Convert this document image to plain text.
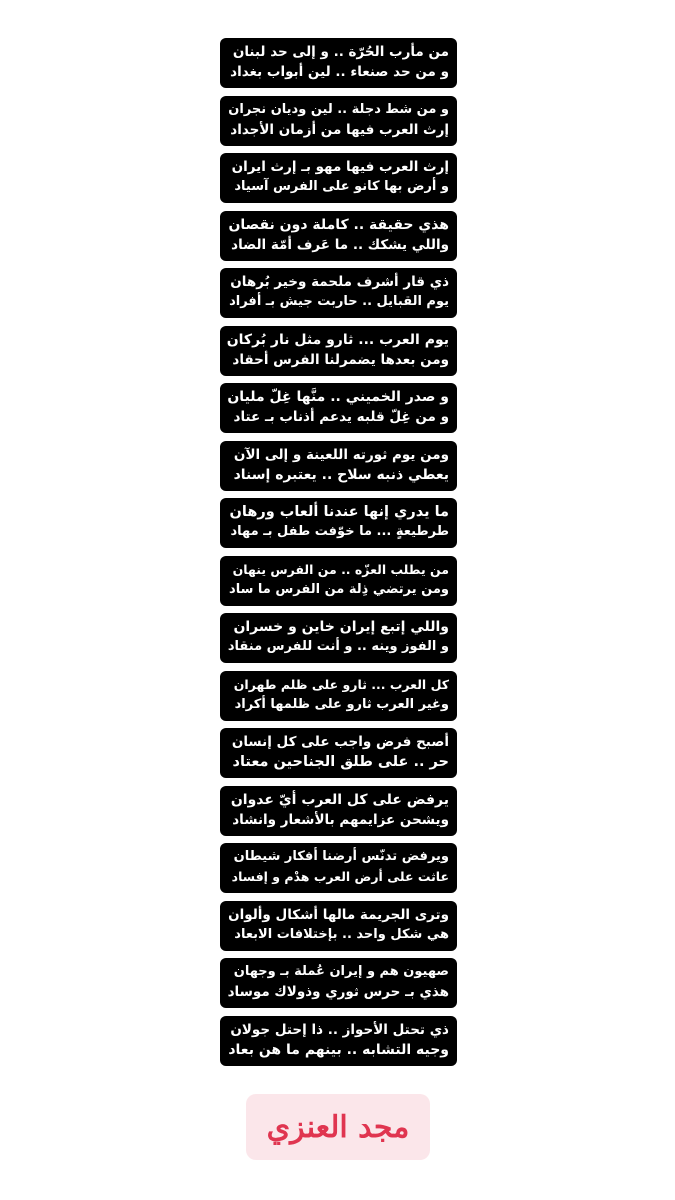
من مأرب الحُرّة .. و إلى حد لبنان
و من حد صنعاء .. لين أبواب بغداد
و من شط دجلة .. لين وديان نجران
إرث العرب فيها من أزمان الأجداد
إرث العرب فيها مهو بـ إرث ايران
و أرض بها كانو على الفرس آسياد
هذي حقيقة .. كاملة دون نقصان
واللي يشكك .. ما عَرف أمّة الضاد
ذي قار أشرف ملحمة وخير بُرهان
يوم القبايل .. حاربت جيش بـ أفراد
يوم العرب ... ثارو مثل نار بُركان
ومن بعدها يضمرلنا الفرس أحقاد
و صدر الخميني .. منَّها غِلّ مليان
و من غِلّ قلبه يدعم أذناب بـ عتاد
ومن يوم ثورته اللعينة و إلى الآن
يعطي ذنبه سلاح .. يعتبره إسناد
ما يدري إنها عندنا ألعاب ورهان
طرطيعةٍ ... ما خوّفت طفل بـ مهاد
من يطلب العزّه .. من الفرس ينهان
ومن يرتضي ذِلة من الفرس ما ساد
واللي إتبع إيران خاين و خسران
و الفوز وينه .. و أنت للفرس منقاد
كل العرب ... ثارو على ظلم طهران
وغير العرب ثارو على ظلمها أكراد
أصبح فرض واجب على كل إنسان
حر .. على طلق الجناحين معتاد
يرفض على كل العرب أيّ عدوان
ويشحن عزايمهم بالأشعار وانشاد
ويرفض تدنّس أرضنا أفكار شيطان
عاثت على أرض العرب هدْم و إفساد
وترى الجريمة مالها أشكال وألوان
هي شكل واحد .. بإختلافات الابعاد
صهيون هم و إيران عُملة بـ وجهان
هذي بـ حرس ثوري وذولاك موساد
ذي تحتل الأحواز .. ذا إحتل جولان
وجيه التشابه .. بينهم ما هن بعاد
مجد العنزي
